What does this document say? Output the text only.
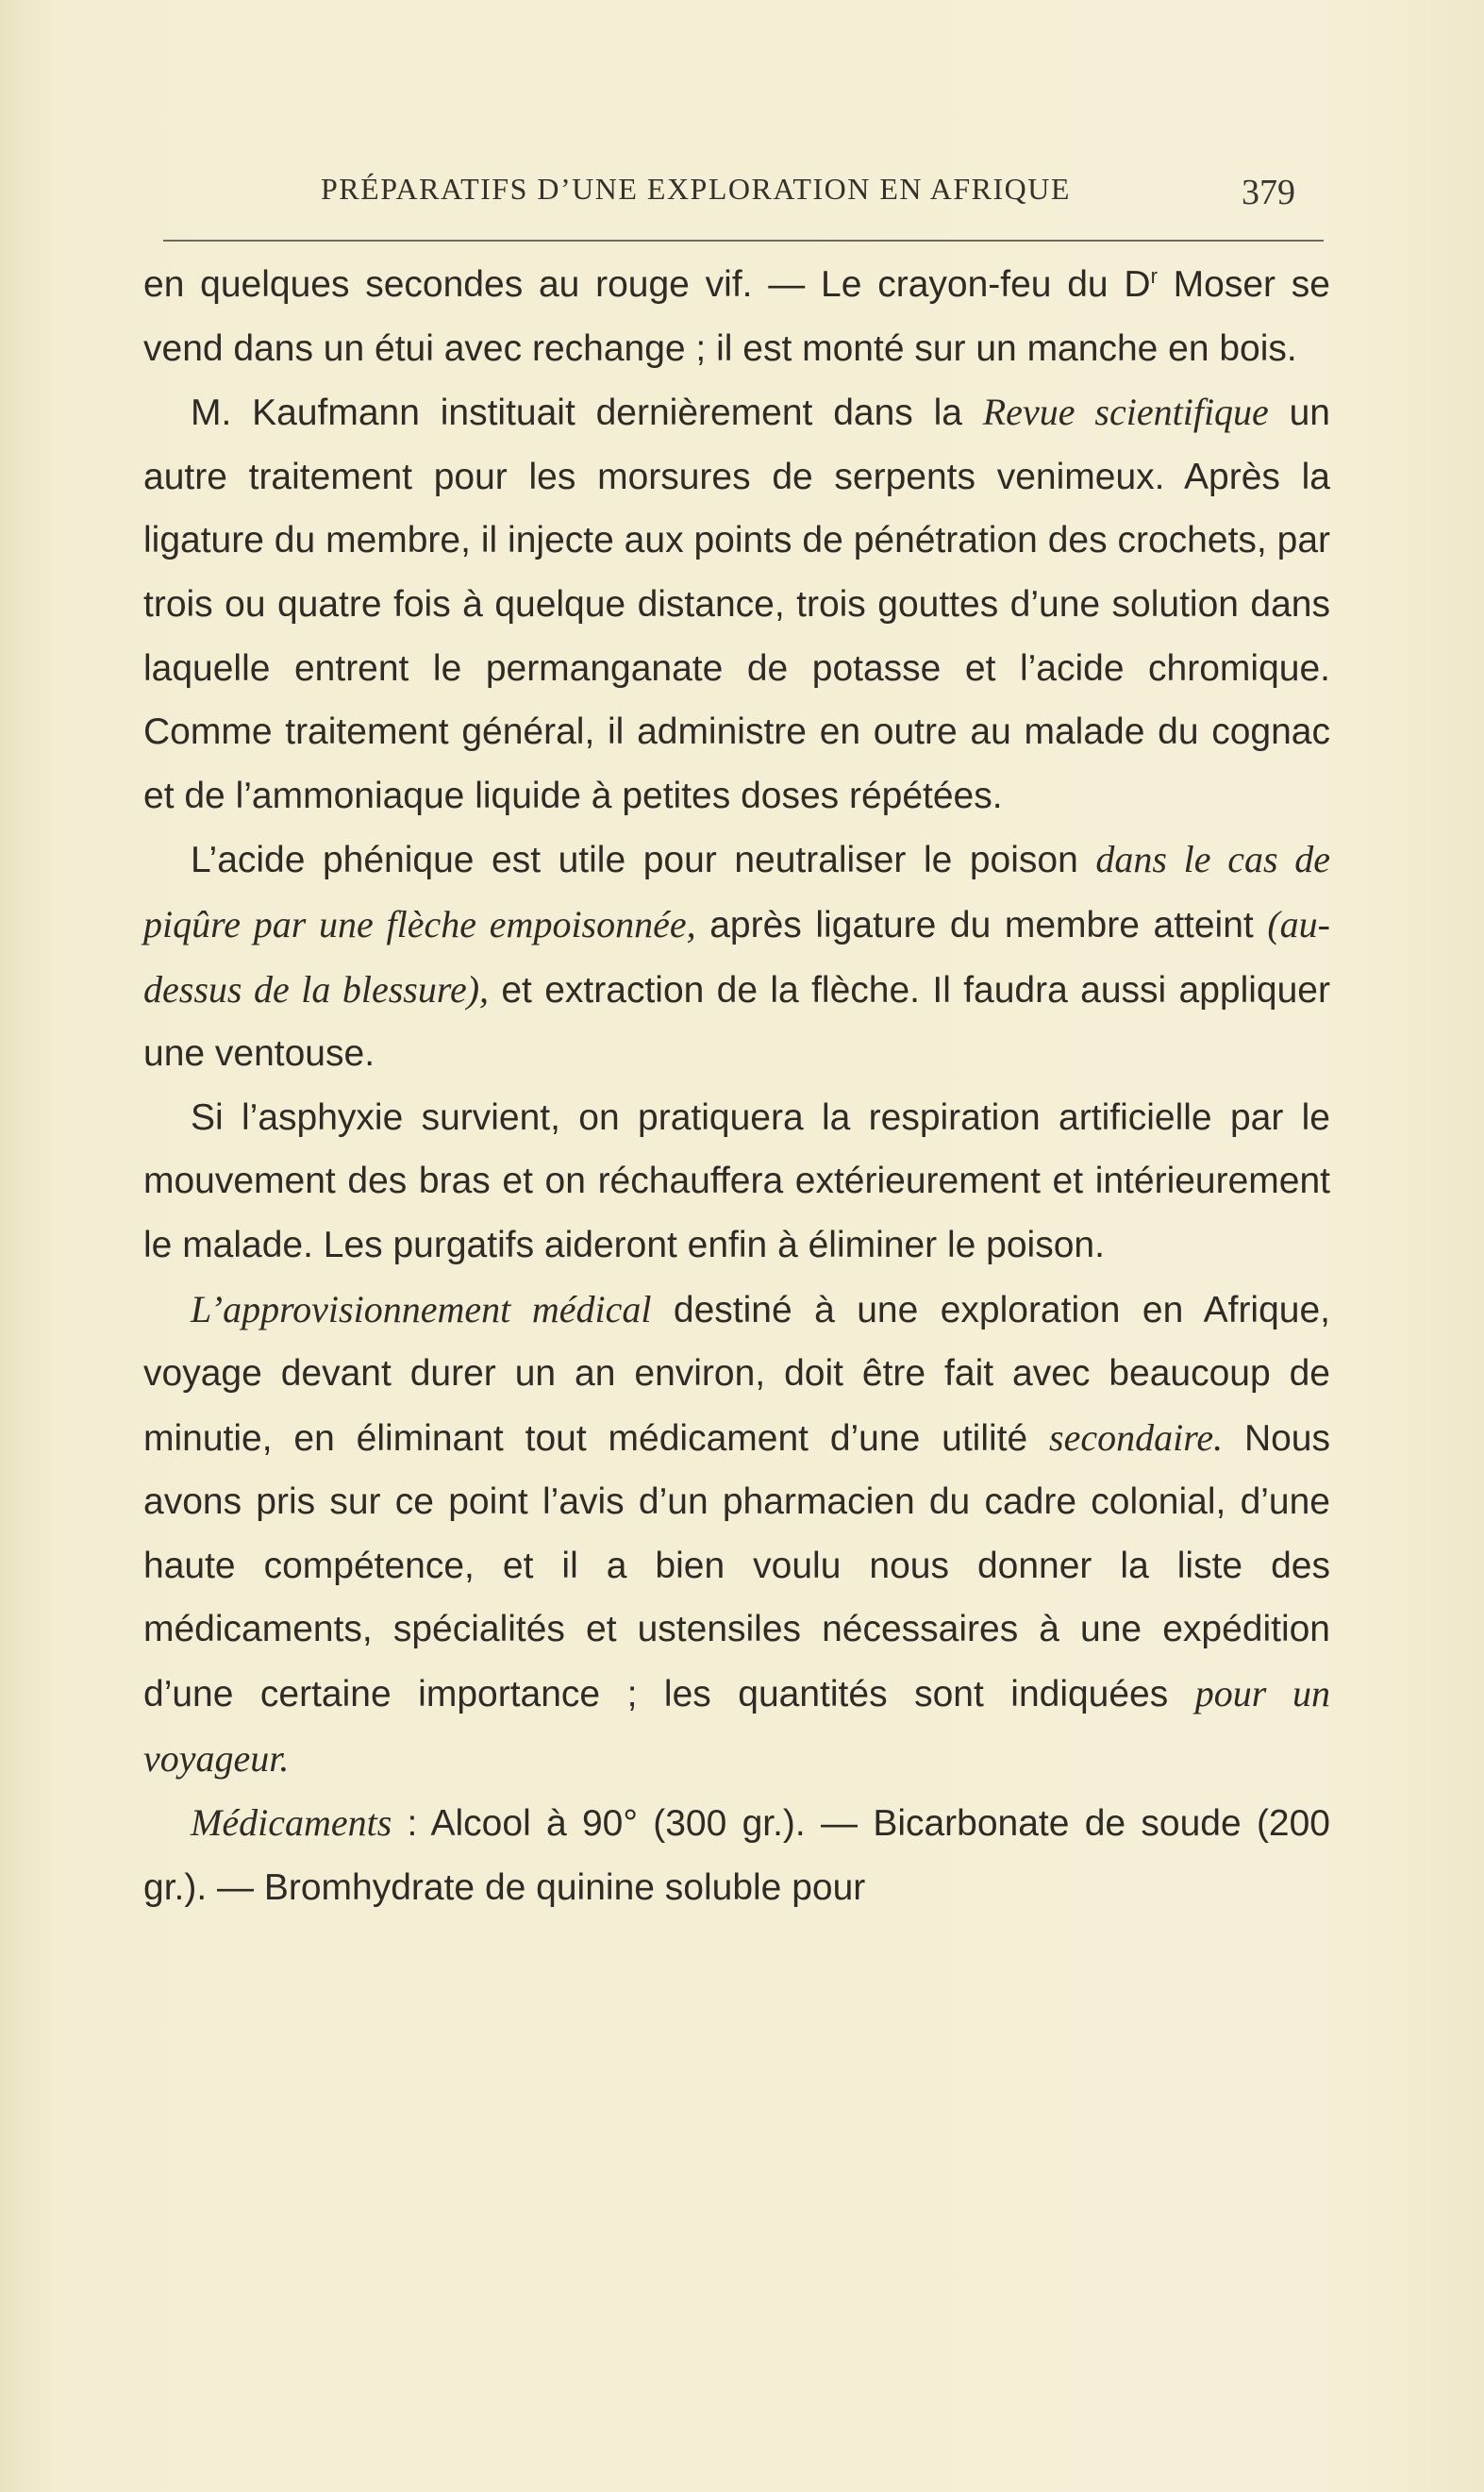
PRÉPARATIFS D’UNE EXPLORATION EN AFRIQUE	379

en quelques secondes au rouge vif. — Le crayon-feu du $D^r$ Moser se vend dans un étui avec rechange ; il est monté sur un manche en bois.

M. Kaufmann instituait dernièrement dans la Revue scientifique un autre traitement pour les morsures de serpents venimeux. Après la ligature du membre, il injecte aux points de pénétration des crochets, par trois ou quatre fois à quelque distance, trois gouttes d’une solution dans laquelle entrent le permanganate de potasse et l’acide chromique. Comme traitement général, il administre en outre au malade du cognac et de l’ammoniaque liquide à petites doses répétées.

L’acide phénique est utile pour neutraliser le poison dans le cas de piqûre par une flèche empoisonnée, après ligature du membre atteint (au-dessus de la blessure), et extraction de la flèche. Il faudra aussi appliquer une ventouse.

Si l’asphyxie survient, on pratiquera la respiration artificielle par le mouvement des bras et on réchauffera extérieurement et intérieurement le malade. Les purgatifs aideront enfin à éliminer le poison.

L’approvisionnement médical destiné à une exploration en Afrique, voyage devant durer un an environ, doit être fait avec beaucoup de minutie, en éliminant tout médicament d’une utilité secondaire. Nous avons pris sur ce point l’avis d’un pharmacien du cadre colonial, d’une haute compétence, et il a bien voulu nous donner la liste des médicaments, spécialités et ustensiles nécessaires à une expédition d’une certaine importance ; les quantités sont indiquées pour un voyageur.

Médicaments : Alcool à 90° (300 gr.). — Bicarbonate de soude (200 gr.). — Bromhydrate de quinine soluble pour
